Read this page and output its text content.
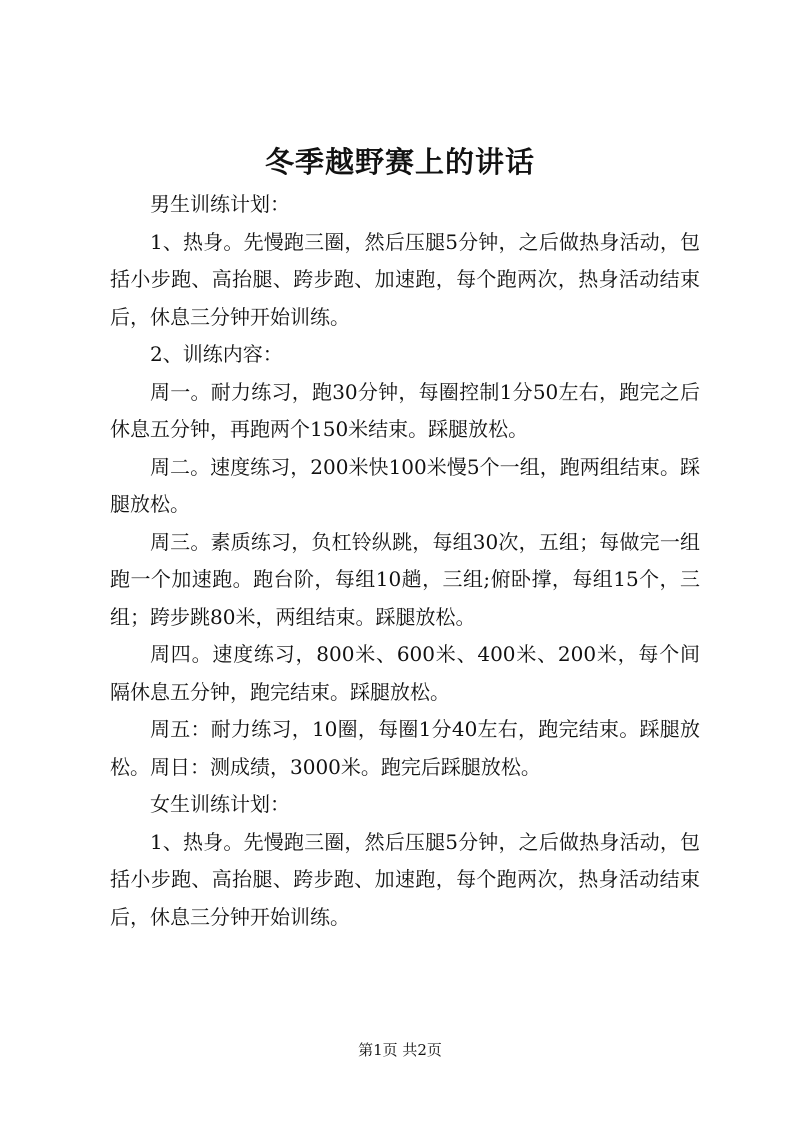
冬季越野赛上的讲话

男生训练计划：

1、热身。先慢跑三圈，然后压腿5分钟，之后做热身活动，包括小步跑、高抬腿、跨步跑、加速跑，每个跑两次，热身活动结束后，休息三分钟开始训练。

2、训练内容：

周一。耐力练习，跑30分钟，每圈控制1分50左右，跑完之后休息五分钟，再跑两个150米结束。踩腿放松。

周二。速度练习，200米快100米慢5个一组，跑两组结束。踩腿放松。

周三。素质练习，负杠铃纵跳，每组30次，五组；每做完一组跑一个加速跑。跑台阶，每组10趟，三组;俯卧撑，每组15个，三组；跨步跳80米，两组结束。踩腿放松。

周四。速度练习，800米、600米、400米、200米，每个间隔休息五分钟，跑完结束。踩腿放松。

周五：耐力练习，10圈，每圈1分40左右，跑完结束。踩腿放松。周日：测成绩，3000米。跑完后踩腿放松。

女生训练计划：

1、热身。先慢跑三圈，然后压腿5分钟，之后做热身活动，包括小步跑、高抬腿、跨步跑、加速跑，每个跑两次，热身活动结束后，休息三分钟开始训练。

第1页 共2页
